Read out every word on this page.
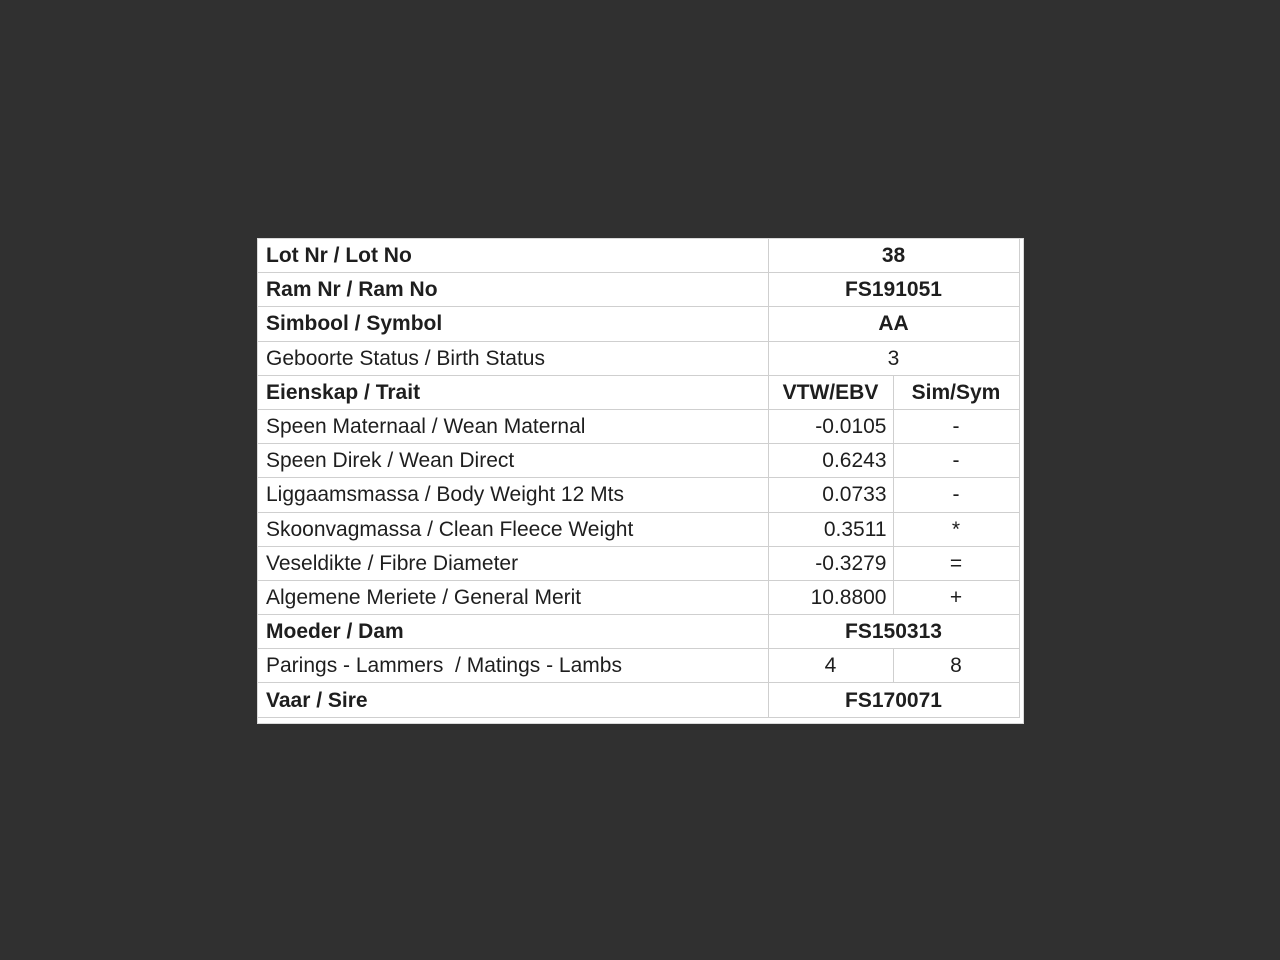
Lot Nr / Lot No	38	
Ram Nr / Ram No	FS191051	
Simbool / Symbol	AA	
Geboorte Status / Birth Status	3	
Eienskap / Trait	VTW/EBV	Sim/Sym
Speen Maternaal / Wean Maternal	-0.0105	-
Speen Direk / Wean Direct	0.6243	-
Liggaamsmassa / Body Weight 12 Mts	0.0733	-
Skoonvagmassa / Clean Fleece Weight	0.3511	*
Veseldikte / Fibre Diameter	-0.3279	=
Algemene Meriete / General Merit	10.8800	+
Moeder / Dam	FS150313	
Parings - Lammers  / Matings - Lambs	4	8
Vaar / Sire	FS170071	
